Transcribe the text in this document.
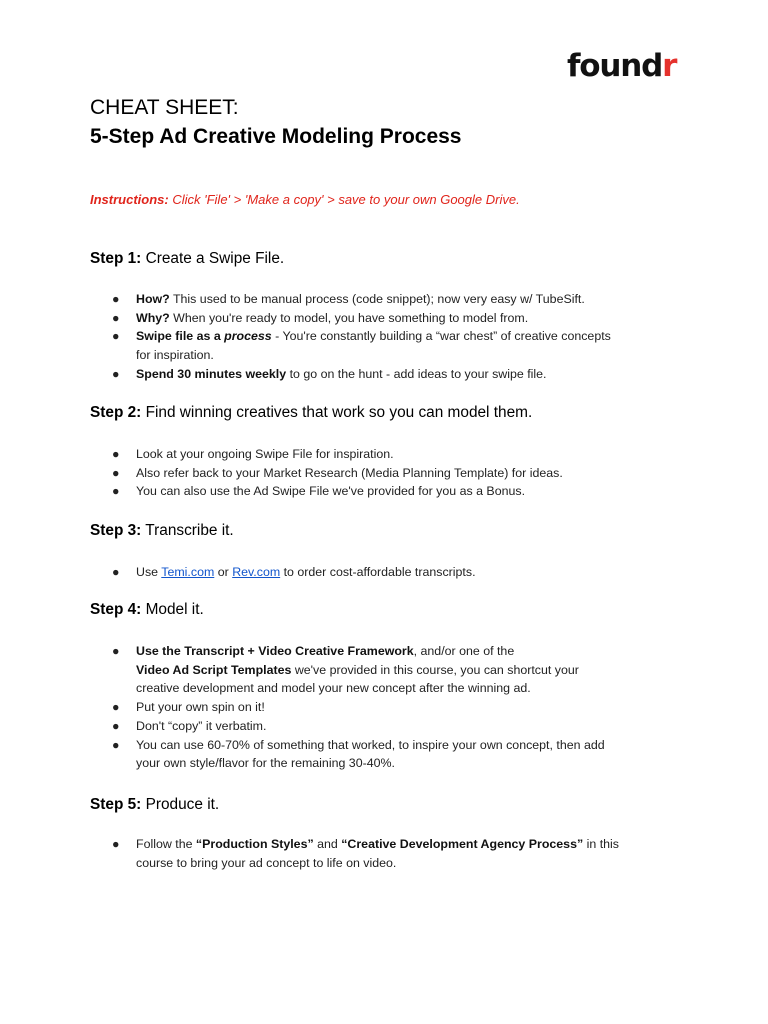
foundr
CHEAT SHEET:
5-Step Ad Creative Modeling Process
Instructions: Click 'File' > 'Make a copy' > save to your own Google Drive.
Step 1: Create a Swipe File.
● How? This used to be manual process (code snippet); now very easy w/ TubeSift.
● Why? When you're ready to model, you have something to model from.
● Swipe file as a process - You're constantly building a “war chest” of creative concepts
for inspiration.
● Spend 30 minutes weekly to go on the hunt - add ideas to your swipe file.
Step 2: Find winning creatives that work so you can model them.
● Look at your ongoing Swipe File for inspiration.
● Also refer back to your Market Research (Media Planning Template) for ideas.
● You can also use the Ad Swipe File we've provided for you as a Bonus.
Step 3: Transcribe it.
● Use Temi.com or Rev.com to order cost-affordable transcripts.
Step 4: Model it.
● Use the Transcript + Video Creative Framework, and/or one of the
Video Ad Script Templates we've provided in this course, you can shortcut your
creative development and model your new concept after the winning ad.
● Put your own spin on it!
● Don't “copy” it verbatim.
● You can use 60-70% of something that worked, to inspire your own concept, then add
your own style/flavor for the remaining 30-40%.
Step 5: Produce it.
● Follow the “Production Styles” and “Creative Development Agency Process” in this
course to bring your ad concept to life on video.
